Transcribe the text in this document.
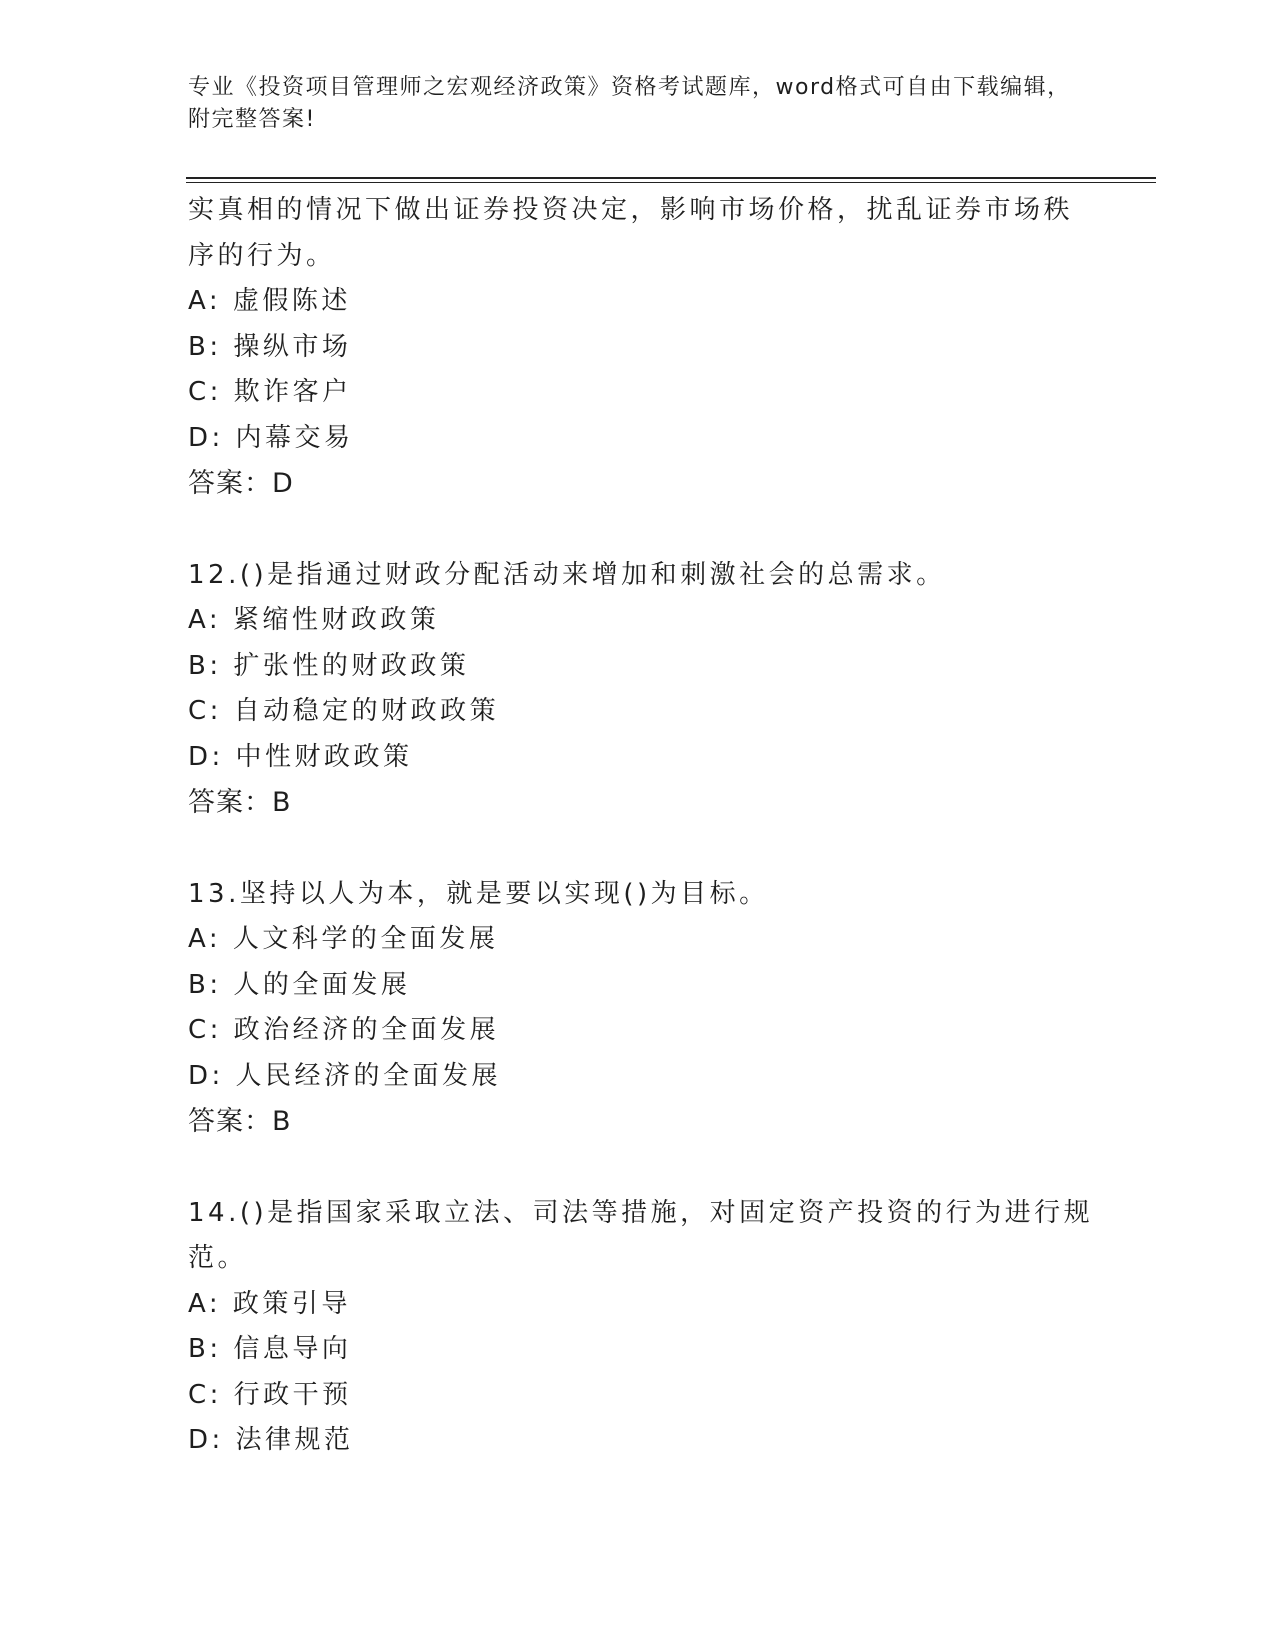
专业《投资项目管理师之宏观经济政策》资格考试题库，word格式可自由下载编辑，附完整答案!
实真相的情况下做出证券投资决定，影响市场价格，扰乱证券市场秩
序的行为。
A: 虚假陈述
B: 操纵市场
C: 欺诈客户
D: 内幕交易
答案：D
12.()是指通过财政分配活动来增加和刺激社会的总需求。
A: 紧缩性财政政策
B: 扩张性的财政政策
C: 自动稳定的财政政策
D: 中性财政政策
答案：B
13.坚持以人为本，就是要以实现()为目标。
A: 人文科学的全面发展
B: 人的全面发展
C: 政治经济的全面发展
D: 人民经济的全面发展
答案：B
14.()是指国家采取立法、司法等措施，对固定资产投资的行为进行规
范。
A: 政策引导
B: 信息导向
C: 行政干预
D: 法律规范
